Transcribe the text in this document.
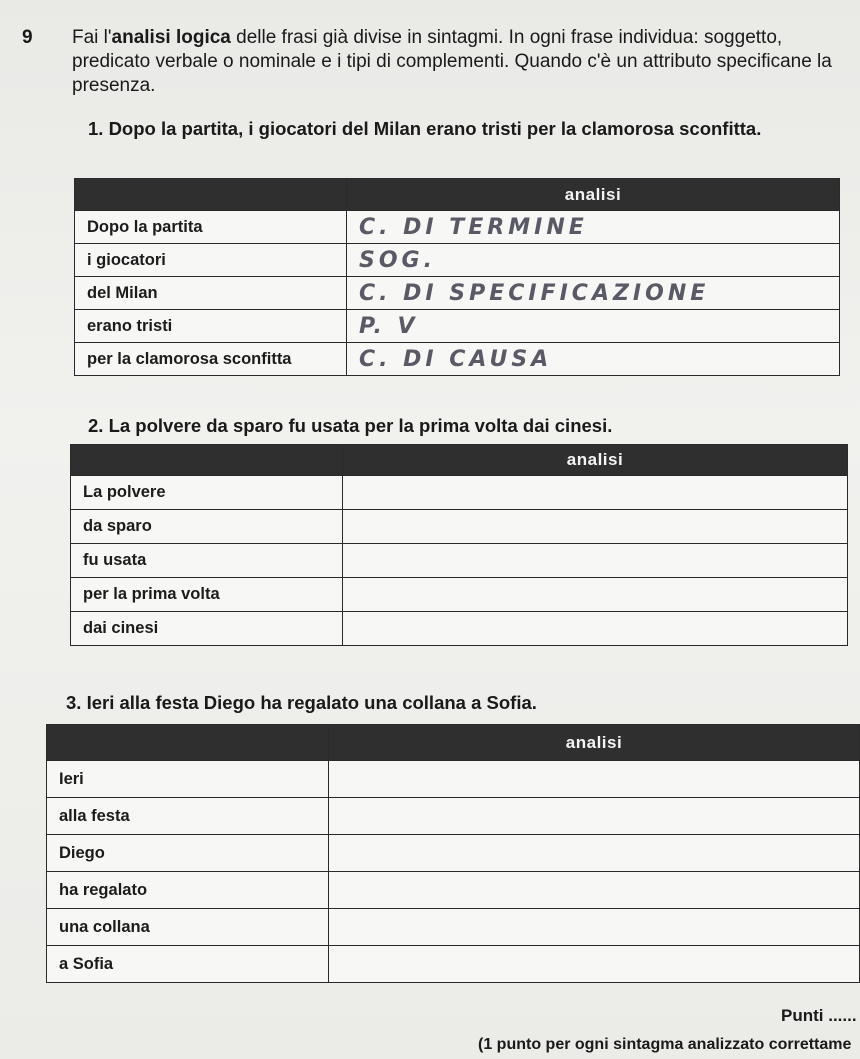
9 Fai l'analisi logica delle frasi già divise in sintagmi. In ogni frase individua: soggetto, predicato verbale o nominale e i tipi di complementi. Quando c'è un attributo specificane la presenza.
1. Dopo la partita, i giocatori del Milan erano tristi per la clamorosa sconfitta.
	analisi
Dopo la partita	C. DI TERMINE
i giocatori	SOG.
del Milan	C. DI SPECIFICAZIONE
erano tristi	P. V
per la clamorosa sconfitta	C. DI CAUSA
2. La polvere da sparo fu usata per la prima volta dai cinesi.
	analisi
La polvere	
da sparo	
fu usata	
per la prima volta	
dai cinesi	
3. Ieri alla festa Diego ha regalato una collana a Sofia.
	analisi
Ieri	
alla festa	
Diego	
ha regalato	
una collana	
a Sofia	
Punti ......
(1 punto per ogni sintagma analizzato correttame
